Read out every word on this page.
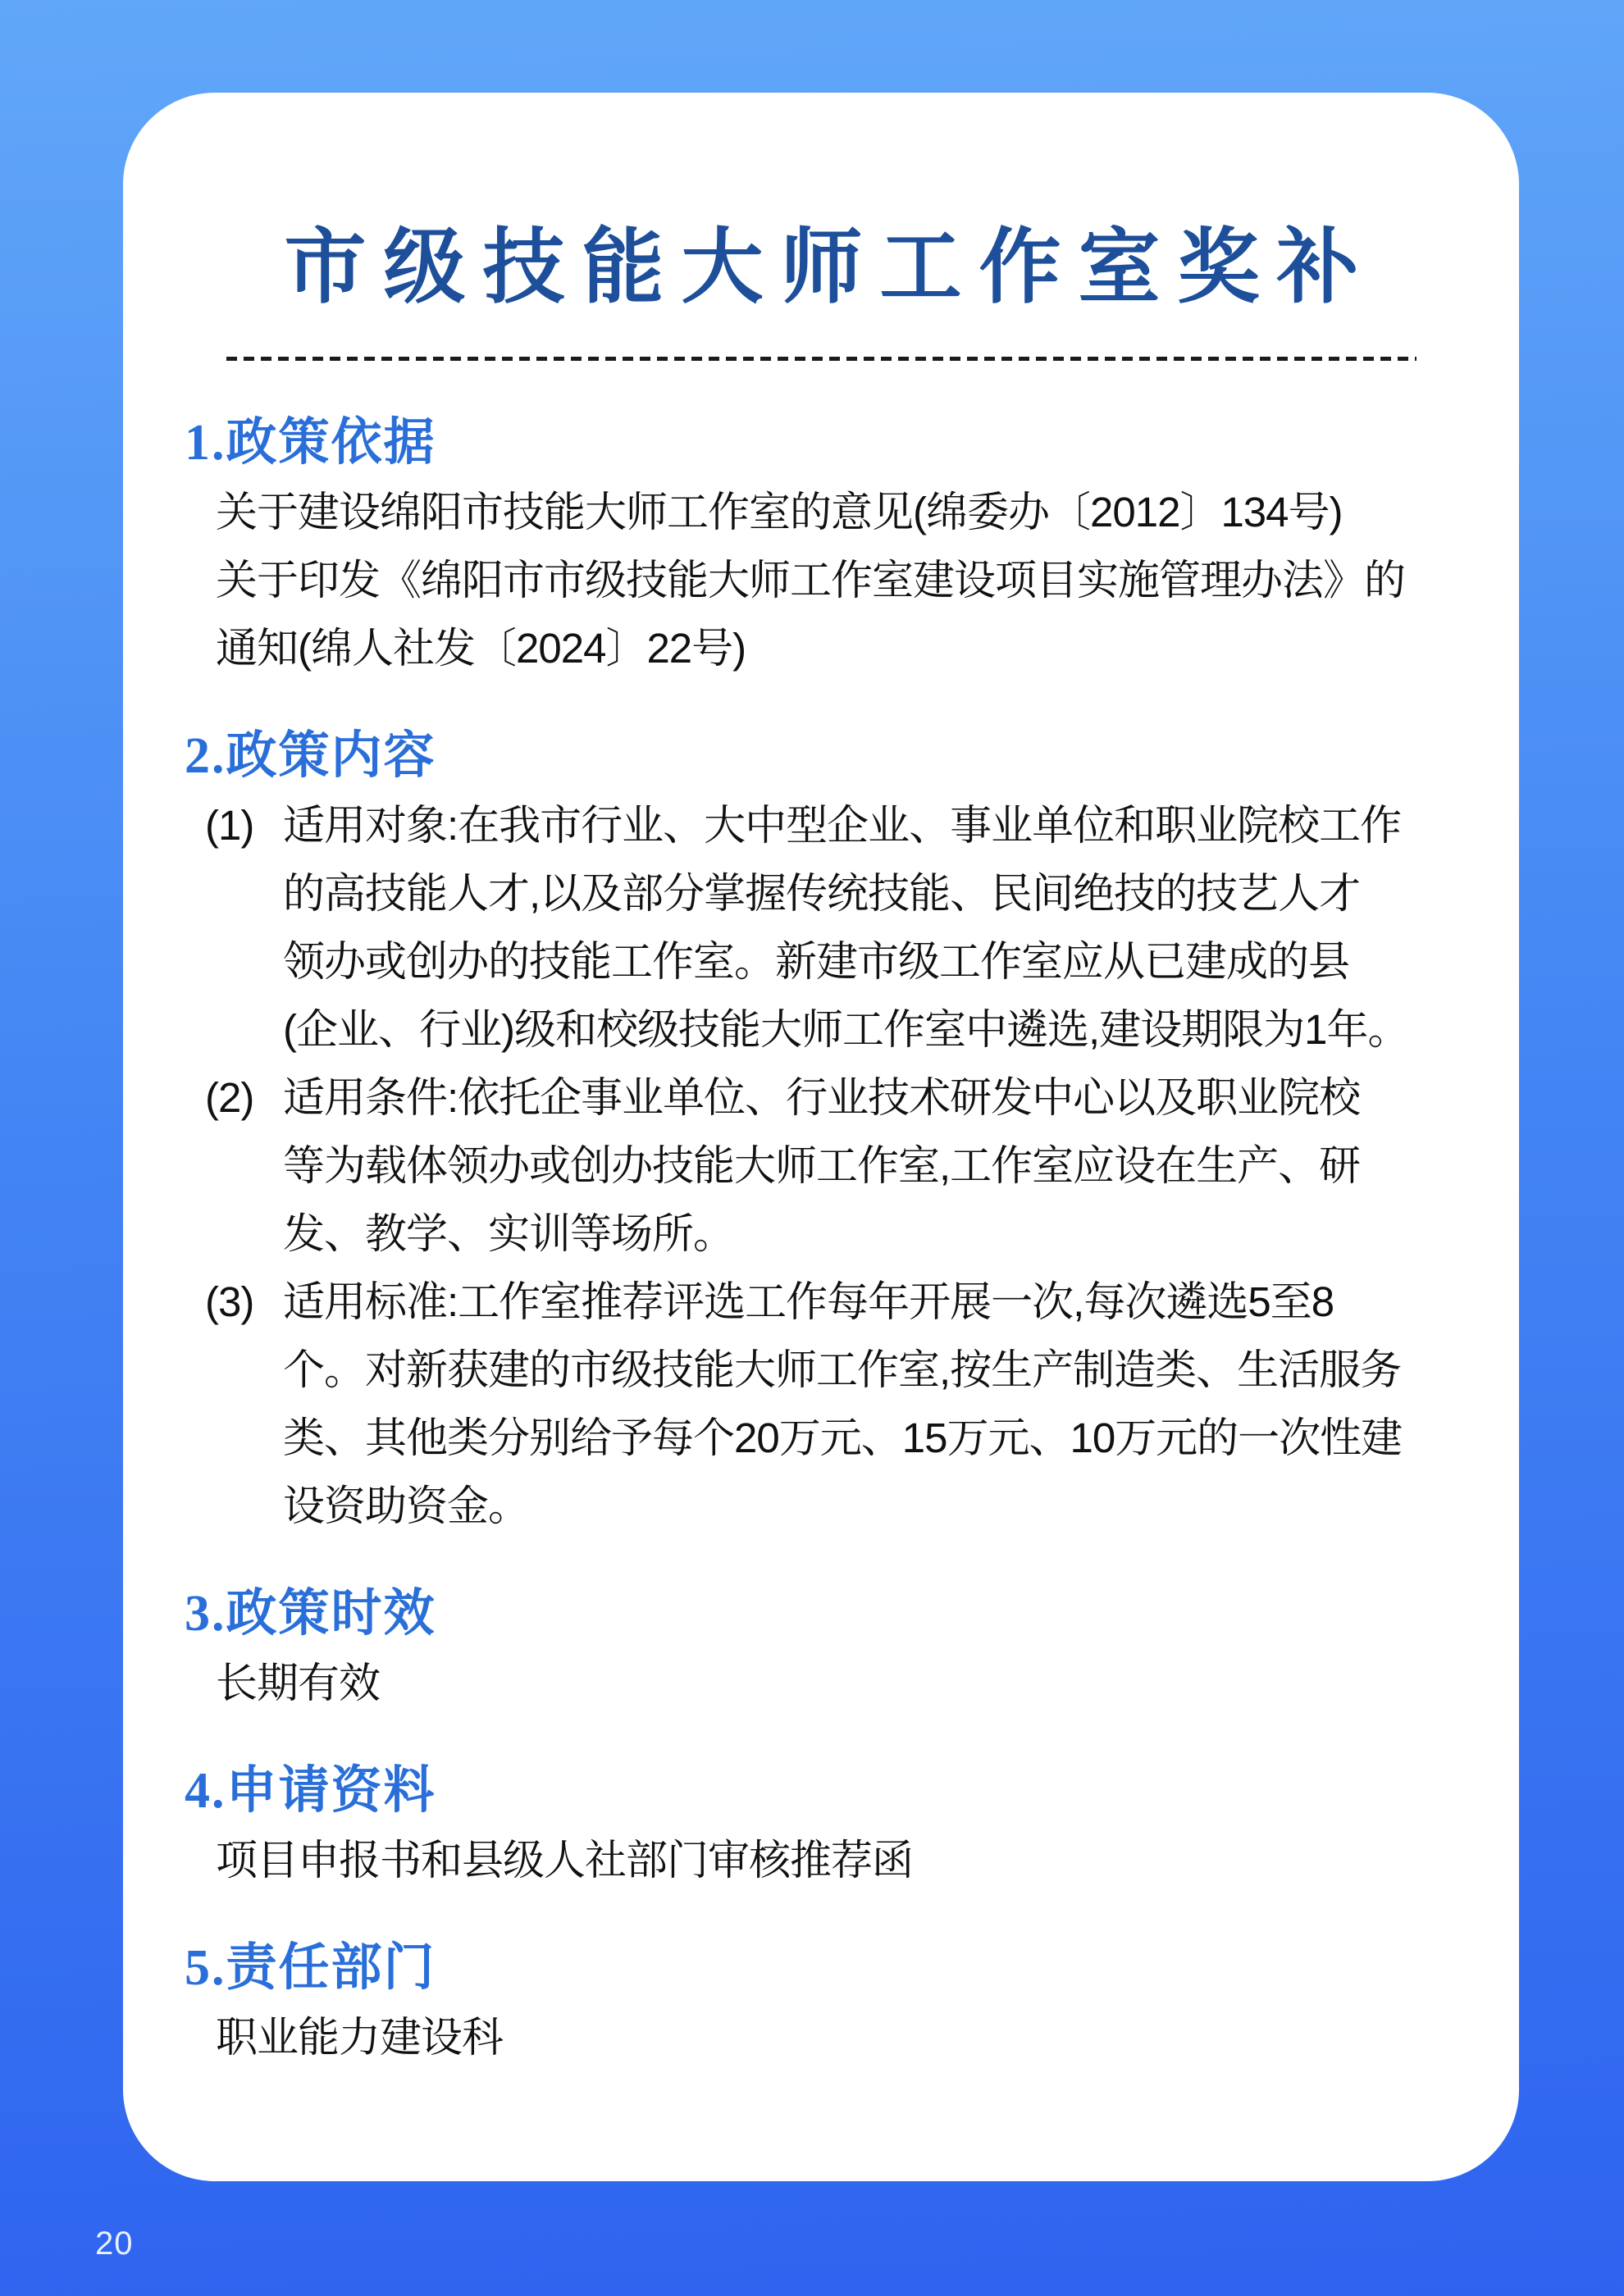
市级技能大师工作室奖补
1.政策依据
关于建设绵阳市技能大师工作室的意见(绵委办〔2012〕134号)
关于印发《绵阳市市级技能大师工作室建设项目实施管理办法》的
通知(绵人社发〔2024〕22号)
2.政策内容
(1) 适用对象:在我市行业、大中型企业、事业单位和职业院校工作
的高技能人才,以及部分掌握传统技能、民间绝技的技艺人才
领办或创办的技能工作室。新建市级工作室应从已建成的县
(企业、行业)级和校级技能大师工作室中遴选,建设期限为1年。
(2) 适用条件:依托企事业单位、行业技术研发中心以及职业院校
等为载体领办或创办技能大师工作室,工作室应设在生产、研
发、教学、实训等场所。
(3) 适用标准:工作室推荐评选工作每年开展一次,每次遴选5至8
个。对新获建的市级技能大师工作室,按生产制造类、生活服务
类、其他类分别给予每个20万元、15万元、10万元的一次性建
设资助资金。
3.政策时效
长期有效
4.申请资料
项目申报书和县级人社部门审核推荐函
5.责任部门
职业能力建设科
20
